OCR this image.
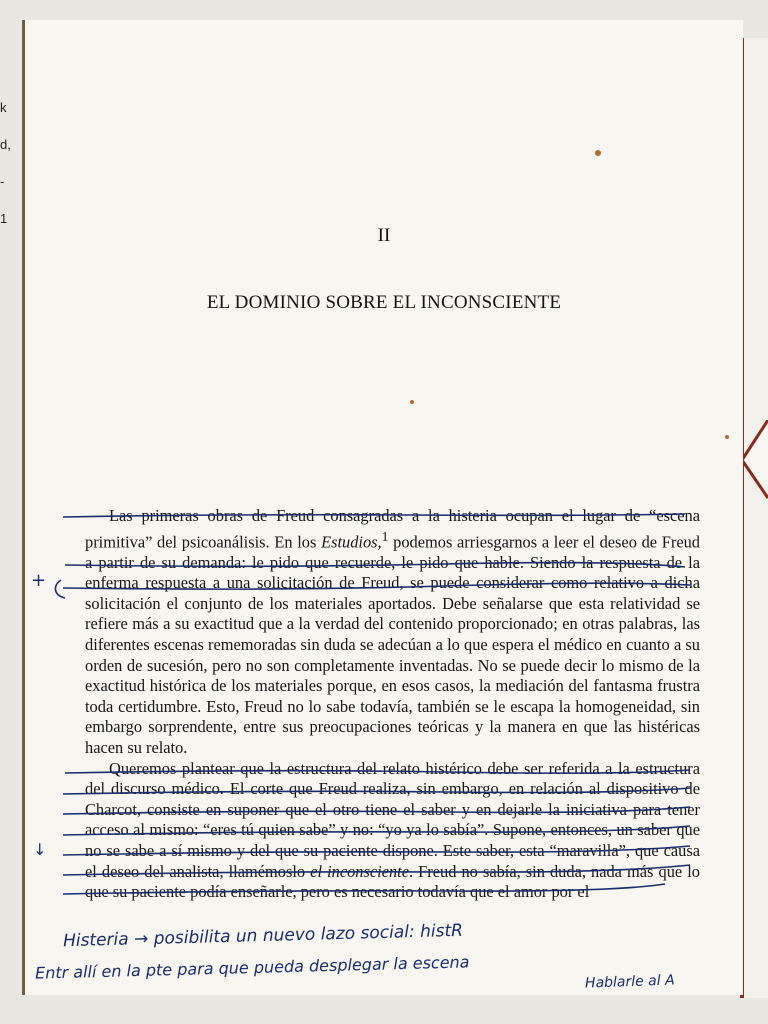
k
d,
-
1
II
EL DOMINIO SOBRE EL INCONSCIENTE

Las primeras obras de Freud consagradas a la histeria ocupan el lugar de “escena primitiva” del psicoanálisis. En los Estudios,$^1$ podemos arriesgarnos a leer el deseo de Freud a partir de su demanda: le pido que recuerde, le pido que hable. Siendo la respuesta de la enferma respuesta a una solicitación de Freud, se puede considerar como relativo a dicha solicitación el conjunto de los materiales aportados. Debe señalarse que esta relatividad se refiere más a su exactitud que a la verdad del contenido proporcionado; en otras palabras, las diferentes escenas rememoradas sin duda se adecúan a lo que espera el médico en cuanto a su orden de sucesión, pero no son completamente inventadas. No se puede decir lo mismo de la exactitud histórica de los materiales porque, en esos casos, la mediación del fantasma frustra toda certidumbre. Esto, Freud no lo sabe todavía, también se le escapa la homogeneidad, sin embargo sorprendente, entre sus preocupaciones teóricas y la manera en que las histéricas hacen su relato.

Queremos plantear que la estructura del relato histérico debe ser referida a la estructura del discurso médico. El corte que Freud realiza, sin embargo, en relación al dispositivo de Charcot, consiste en suponer que el otro tiene el saber y en dejarle la iniciativa para tener acceso al mismo: “eres tú quien sabe” y no: “yo ya lo sabía”. Supone, entonces, un saber que no se sabe a sí mismo y del que su paciente dispone. Este saber, esta “maravilla”, que causa el deseo del analista, llamémoslo el inconsciente. Freud no sabía, sin duda, nada más que lo que su paciente podía enseñarle, pero es necesario todavía que el amor por el

+
↓
Histeria → posibilita un nuevo lazo social: histR
Entr allí en la pte para que pueda desplegar la escena	Hablarle al A
